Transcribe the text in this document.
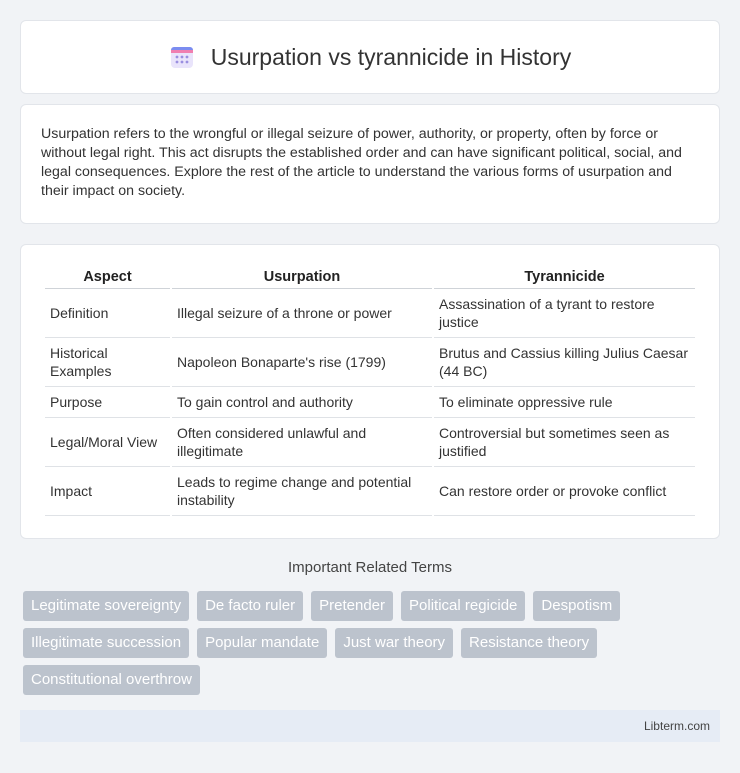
Usurpation vs tyrannicide in History

Usurpation refers to the wrongful or illegal seizure of power, authority, or property, often by force or without legal right. This act disrupts the established order and can have significant political, social, and legal consequences. Explore the rest of the article to understand the various forms of usurpation and their impact on society.

Aspect	Usurpation	Tyrannicide
Definition	Illegal seizure of a throne or power	Assassination of a tyrant to restore justice
Historical Examples	Napoleon Bonaparte's rise (1799)	Brutus and Cassius killing Julius Caesar (44 BC)
Purpose	To gain control and authority	To eliminate oppressive rule
Legal/Moral View	Often considered unlawful and illegitimate	Controversial but sometimes seen as justified
Impact	Leads to regime change and potential instability	Can restore order or provoke conflict
Important Related Terms
Legitimate sovereignty	De facto ruler	Pretender	Political regicide	Despotism
Illegitimate succession	Popular mandate	Just war theory	Resistance theory
Constitutional overthrow
Libterm.com
